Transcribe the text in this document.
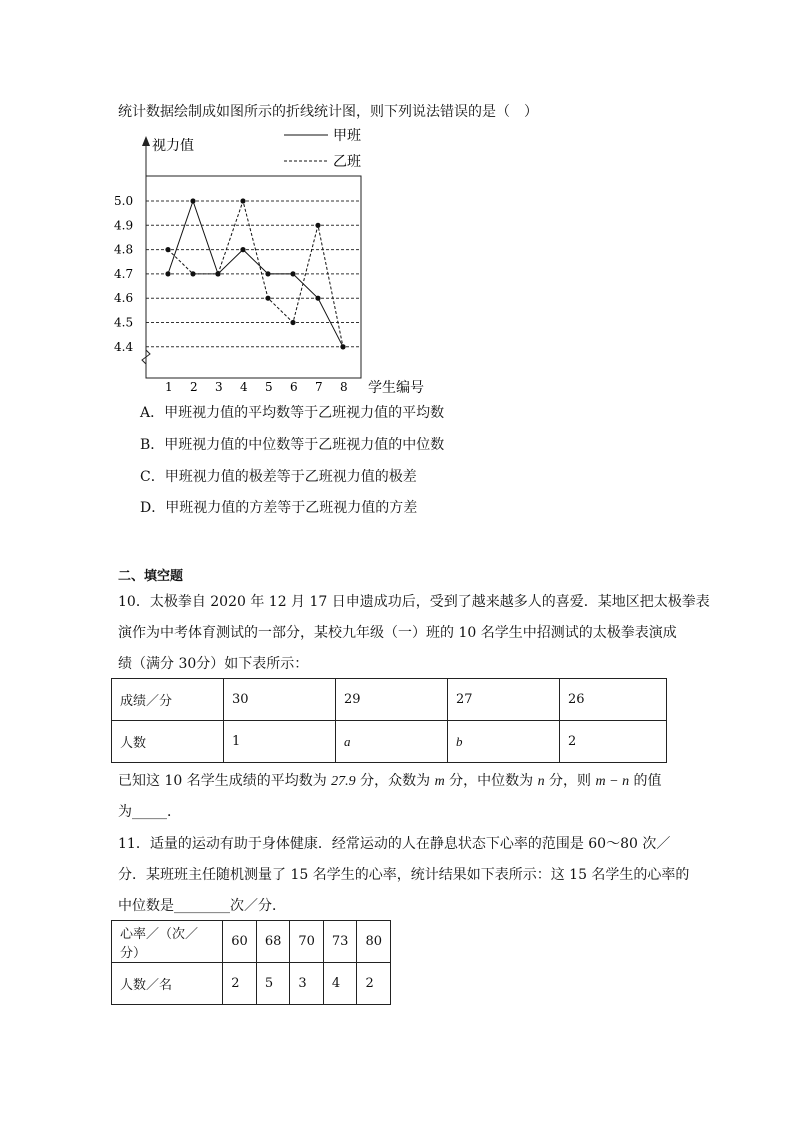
统计数据绘制成如图所示的折线统计图，则下列说法错误的是（　）
视力值
学生编号
4.4
4.5
4.6
4.7
4.8
4.9
5.0
1 2 3 4 5 6 7 8
甲班
乙班
A．甲班视力值的平均数等于乙班视力值的平均数
B．甲班视力值的中位数等于乙班视力值的中位数
C．甲班视力值的极差等于乙班视力值的极差
D．甲班视力值的方差等于乙班视力值的方差
二、填空题
10．太极拳自 2020 年 12 月 17 日申遗成功后，受到了越来越多人的喜爱．某地区把太极拳表
演作为中考体育测试的一部分，某校九年级（一）班的 10 名学生中招测试的太极拳表演成
绩（满分 30分）如下表所示：
成绩／分	30	29	27	26
人数	1	a	b	2
已知这 10 名学生成绩的平均数为 27.9 分，众数为 m 分，中位数为 n 分，则 m − n 的值
为_____．
11．适量的运动有助于身体健康．经常运动的人在静息状态下心率的范围是 60～80 次／
分．某班班主任随机测量了 15 名学生的心率，统计结果如下表所示：这 15 名学生的心率的
中位数是________次／分．
心率／（次／分）	60	68	70	73	80
人数／名	2	5	3	4	2
